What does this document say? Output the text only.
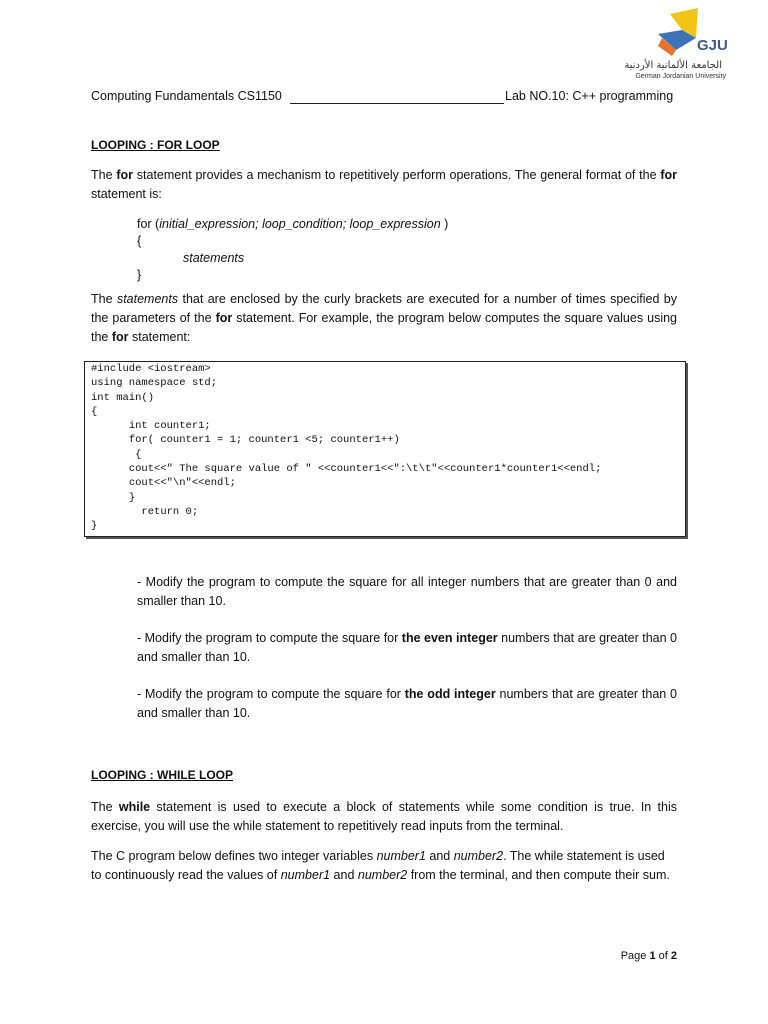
GJU
الجامعة الألمانية الأردنية
German Jordanian University
Computing Fundamentals CS1150	Lab NO.10: C++ programming
LOOPING : FOR LOOP
The for statement provides a mechanism to repetitively perform operations. The general format of the for statement is:
for (initial_expression; loop_condition; loop_expression )
{
statements
}
The statements that are enclosed by the curly brackets are executed for a number of times specified by the parameters of the for statement. For example, the program below computes the square values using the for statement:
#include <iostream>
using namespace std;
int main()
{
	int counter1;
	for( counter1 = 1; counter1 <5; counter1++)
	{
	cout<<" The square value of " <<counter1<<":\t\t"<<counter1*counter1<<endl;
	cout<<"\n"<<endl;
	}
	return 0;
}
- Modify the program to compute the square for all integer numbers that are greater than 0 and smaller than 10.
- Modify the program to compute the square for the even integer numbers that are greater than 0 and smaller than 10.
- Modify the program to compute the square for the odd integer numbers that are greater than 0 and smaller than 10.
LOOPING : WHILE LOOP
The while statement is used to execute a block of statements while some condition is true. In this exercise, you will use the while statement to repetitively read inputs from the terminal.
The C program below defines two integer variables number1 and number2. The while statement is used to continuously read the values of number1 and number2 from the terminal, and then compute their sum.
Page 1 of 2
